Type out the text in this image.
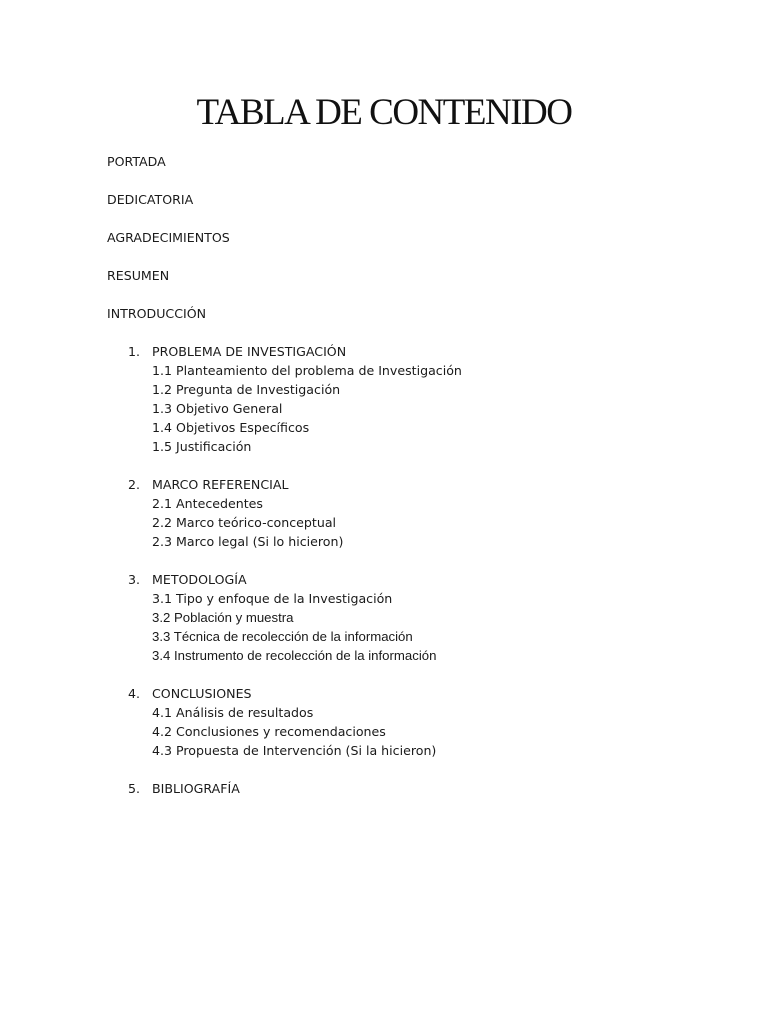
TABLA DE CONTENIDO
PORTADA
DEDICATORIA
AGRADECIMIENTOS
RESUMEN
INTRODUCCIÓN
1. PROBLEMA DE INVESTIGACIÓN
1.1 Planteamiento del problema de Investigación
1.2 Pregunta de Investigación
1.3 Objetivo General
1.4 Objetivos Específicos
1.5 Justificación
2. MARCO REFERENCIAL
2.1 Antecedentes
2.2 Marco teórico-conceptual
2.3 Marco legal (Si lo hicieron)
3. METODOLOGÍA
3.1 Tipo y enfoque de la Investigación
3.2 Población y muestra
3.3 Técnica de recolección de la información
3.4 Instrumento de recolección de la información
4. CONCLUSIONES
4.1 Análisis de resultados
4.2 Conclusiones y recomendaciones
4.3 Propuesta de Intervención (Si la hicieron)
5. BIBLIOGRAFÍA
